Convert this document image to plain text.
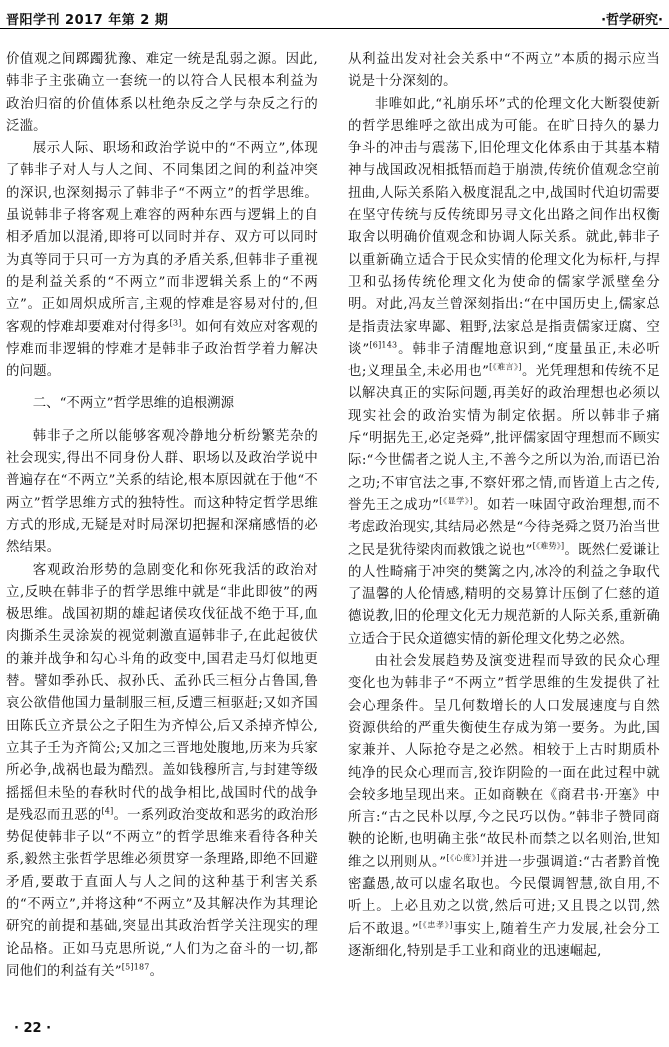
晋阳学刊 2017 年第 2 期	·哲学研究·

价值观之间踯躅犹豫、难定一统是乱弱之源。因此,韩非子主张确立一套统一的以符合人民根本利益为政治归宿的价值体系以杜绝杂反之学与杂反之行的泛滥。

展示人际、职场和政治学说中的“不两立”,体现了韩非子对人与人之间、不同集团之间的利益冲突的深识,也深刻揭示了韩非子“不两立”的哲学思维。虽说韩非子将客观上难容的两种东西与逻辑上的自相矛盾加以混淆,即将可以同时并存、双方可以同时为真等同于只可一方为真的矛盾关系,但韩非子重视的是利益关系的“不两立”而非逻辑关系上的“不两立”。正如周炽成所言,主观的悖难是容易对付的,但客观的悖难却要难对付得多[3]。如何有效应对客观的悖难而非逻辑的悖难才是韩非子政治哲学着力解决的问题。

二、“不两立”哲学思维的追根溯源

韩非子之所以能够客观冷静地分析纷繁芜杂的社会现实,得出不同身份人群、职场以及政治学说中普遍存在“不两立”关系的结论,根本原因就在于他“不两立”哲学思维方式的独特性。而这种特定哲学思维方式的形成,无疑是对时局深切把握和深痛感悟的必然结果。

客观政治形势的急剧变化和你死我活的政治对立,反映在韩非子的哲学思维中就是“非此即彼”的两极思维。战国初期的雄起诸侯攻伐征战不绝于耳,血肉撕杀生灵涂炭的视觉刺激直逼韩非子,在此起彼伏的兼并战争和勾心斗角的政变中,国君走马灯似地更替。譬如季孙氏、叔孙氏、孟孙氏三桓分占鲁国,鲁哀公欲借他国力量制服三桓,反遭三桓驱赶;又如齐国田陈氏立齐景公之子阳生为齐悼公,后又杀掉齐悼公,立其子壬为齐简公;又加之三晋地处腹地,历来为兵家所必争,战祸也最为酷烈。盖如钱穆所言,与封建等级摇摇但未坠的春秋时代的战争相比,战国时代的战争是残忍而丑恶的[4]。一系列政治变故和恶劣的政治形势促使韩非子以“不两立”的哲学思维来看待各种关系,毅然主张哲学思维必须贯穿一条理路,即绝不回避矛盾,要敢于直面人与人之间的这种基于利害关系的“不两立”,并将这种“不两立”及其解决作为其理论研究的前提和基础,突显出其政治哲学关注现实的理论品格。正如马克思所说,“人们为之奋斗的一切,都同他们的利益有关”$^{[5]187}$。

从利益出发对社会关系中“不两立”本质的揭示应当说是十分深刻的。

非唯如此,“礼崩乐坏”式的伦理文化大断裂使新的哲学思维呼之欲出成为可能。在旷日持久的暴力争斗的冲击与震荡下,旧伦理文化体系由于其基本精神与战国政况相抵牾而趋于崩溃,传统价值观念空前扭曲,人际关系陷入极度混乱之中,战国时代迫切需要在坚守传统与反传统即另寻文化出路之间作出权衡取舍以明确价值观念和协调人际关系。就此,韩非子以重新确立适合于民众实情的伦理文化为标杆,与捍卫和弘扬传统伦理文化为使命的儒家学派壁垒分明。对此,冯友兰曾深刻指出:“在中国历史上,儒家总是指责法家卑鄙、粗野,法家总是指责儒家迂腐、空谈”$^{[6]143}$。韩非子清醒地意识到,“度量虽正,未必听也;义理虽全,未必用也”[《难言》]。光凭理想和传统不足以解决真正的实际问题,再美好的政治理想也必须以现实社会的政治实情为制定依据。所以韩非子痛斥“明据先王,必定尧舜”,批评儒家固守理想而不顾实际:“今世儒者之说人主,不善今之所以为治,而语已治之功;不审官法之事,不察奸邪之情,而皆道上古之传,誉先王之成功”[《显学》]。如若一味固守政治理想,而不考虑政治现实,其结局必然是“今待尧舜之贤乃治当世之民是犹待梁肉而救饿之说也”[《难势》]。既然仁爱谦让的人性畸痛于冲突的樊篱之内,冰冷的利益之争取代了温馨的人伦情感,精明的交易算计压倒了仁慈的道德说教,旧的伦理文化无力规范新的人际关系,重新确立适合于民众道德实情的新伦理文化势之必然。

由社会发展趋势及演变进程而导致的民众心理变化也为韩非子“不两立”哲学思维的生发提供了社会心理条件。呈几何数增长的人口发展速度与自然资源供给的严重失衡使生存成为第一要务。为此,国家兼并、人际抢夺是之必然。相较于上古时期质朴纯净的民众心理而言,狡诈阴险的一面在此过程中就会较多地呈现出来。正如商鞅在《商君书·开塞》中所言:“古之民朴以厚,今之民巧以伪。”韩非子赞同商鞅的论断,也明确主张“故民朴而禁之以名则治,世知维之以刑则从。”[《心度》]并进一步强调道:“古者黔首悗密蠢愚,故可以虚名取也。今民儇调智慧,欲自用,不听上。上必且劝之以赏,然后可进;又且畏之以罚,然后不敢退。”[《忠孝》]事实上,随着生产力发展,社会分工逐渐细化,特别是手工业和商业的迅速崛起,

· 22 ·
